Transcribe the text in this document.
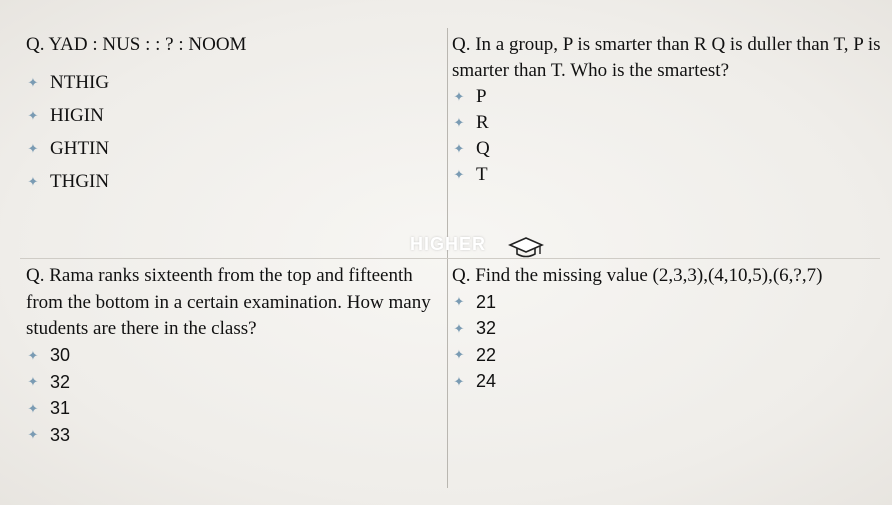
Q. YAD : NUS : : ? : NOOM

✦ NTHIG
✦ HIGIN
✦ GHTIN
✦ THGIN

Q. In a group, P is smarter than R Q is duller than T, P is smarter than T. Who is the smartest?

✦ P
✦ R
✦ Q
✦ T
HIGHER

Q. Rama ranks sixteenth from the top and fifteenth from the bottom in a certain examination. How many students are there in the class?

✦ 30
✦ 32
✦ 31
✦ 33

Q. Find the missing value (2,3,3),(4,10,5),(6,?,7)

✦ 21
✦ 32
✦ 22
✦ 24
